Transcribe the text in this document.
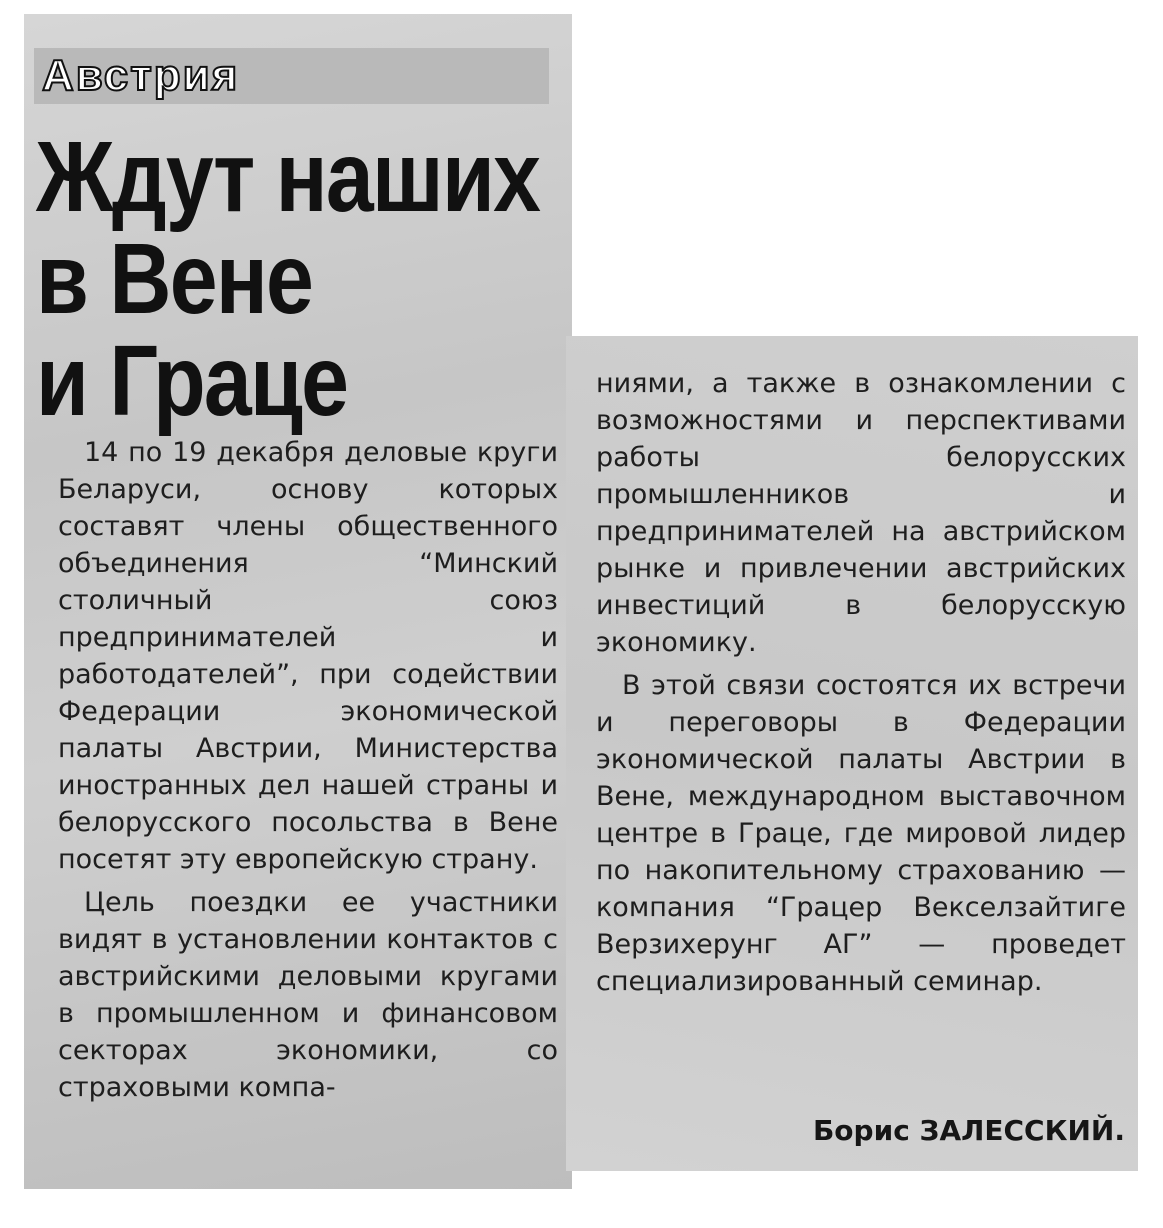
Австрия
Ждут наших
в Вене
и Граце

14 по 19 декабря деловые круги Беларуси, основу которых составят члены общественного объединения “Минский столичный союз предпринимателей и работодателей”, при содействии Федерации экономической палаты Австрии, Министерства иностранных дел нашей страны и белорусского посольства в Вене посетят эту европейскую страну.

Цель поездки ее участники видят в установлении контактов с австрийскими деловыми кругами в промышленном и финансовом секторах экономики, со страховыми компа-

ниями, а также в ознакомлении с возможностями и перспективами работы белорусских промышленников и предпринимателей на австрийском рынке и привлечении австрийских инвестиций в белорусскую экономику.

В этой связи состоятся их встречи и переговоры в Федерации экономической палаты Австрии в Вене, международном выставочном центре в Граце, где мировой лидер по накопительному страхованию — компания “Грацер Векселзайтиге Верзихерунг АГ” — проведет специализированный семинар.

Борис ЗАЛЕССКИЙ.
